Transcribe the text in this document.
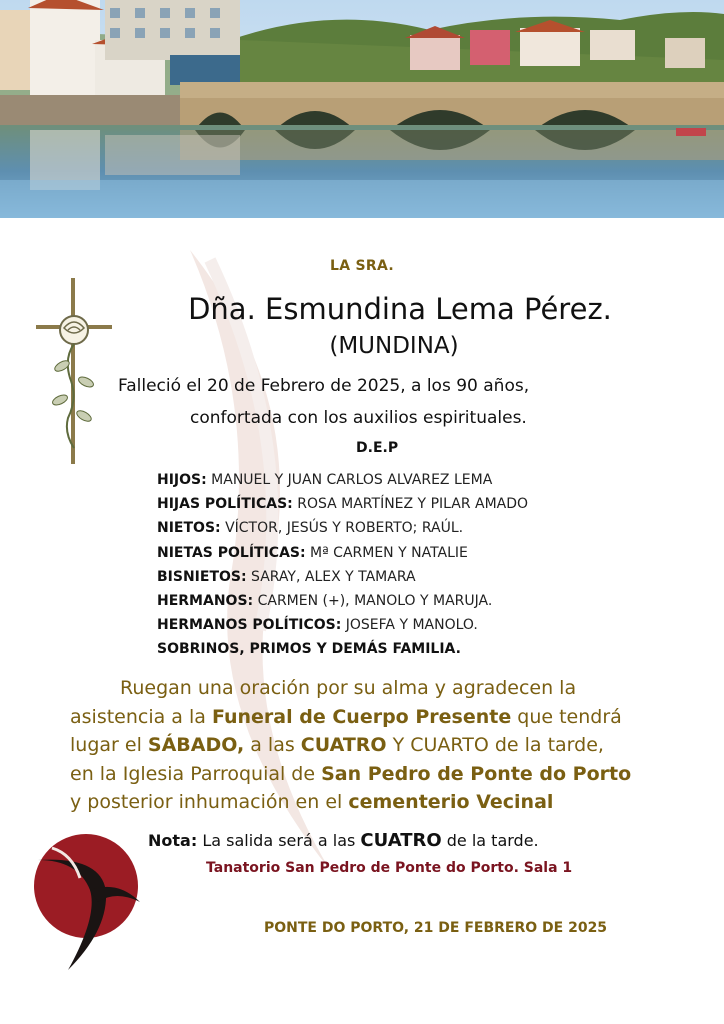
LA SRA.
Dña. Esmundina Lema Pérez.
(MUNDINA)
Falleció el 20 de Febrero de 2025, a los 90 años,
confortada con los auxilios espirituales.
D.E.P
HIJOS: MANUEL Y JUAN CARLOS ALVAREZ LEMA
HIJAS POLÍTICAS: ROSA MARTÍNEZ Y PILAR AMADO
NIETOS: VÍCTOR, JESÚS Y ROBERTO; RAÚL.
NIETAS POLÍTICAS: Mª CARMEN Y NATALIE
BISNIETOS: SARAY, ALEX Y TAMARA
HERMANOS: CARMEN (+), MANOLO Y MARUJA.
HERMANOS POLÍTICOS: JOSEFA Y MANOLO.
SOBRINOS, PRIMOS Y DEMÁS FAMILIA.
Ruegan una oración por su alma y agradecen la
asistencia a la Funeral de Cuerpo Presente que tendrá
lugar el SÁBADO, a las CUATRO Y CUARTO de la tarde,
en la Iglesia Parroquial de San Pedro de Ponte do Porto
y posterior inhumación en el cementerio Vecinal
Nota: La salida será a las CUATRO de la tarde.
Tanatorio San Pedro de Ponte do Porto. Sala 1
PONTE DO PORTO, 21 DE FEBRERO DE 2025
